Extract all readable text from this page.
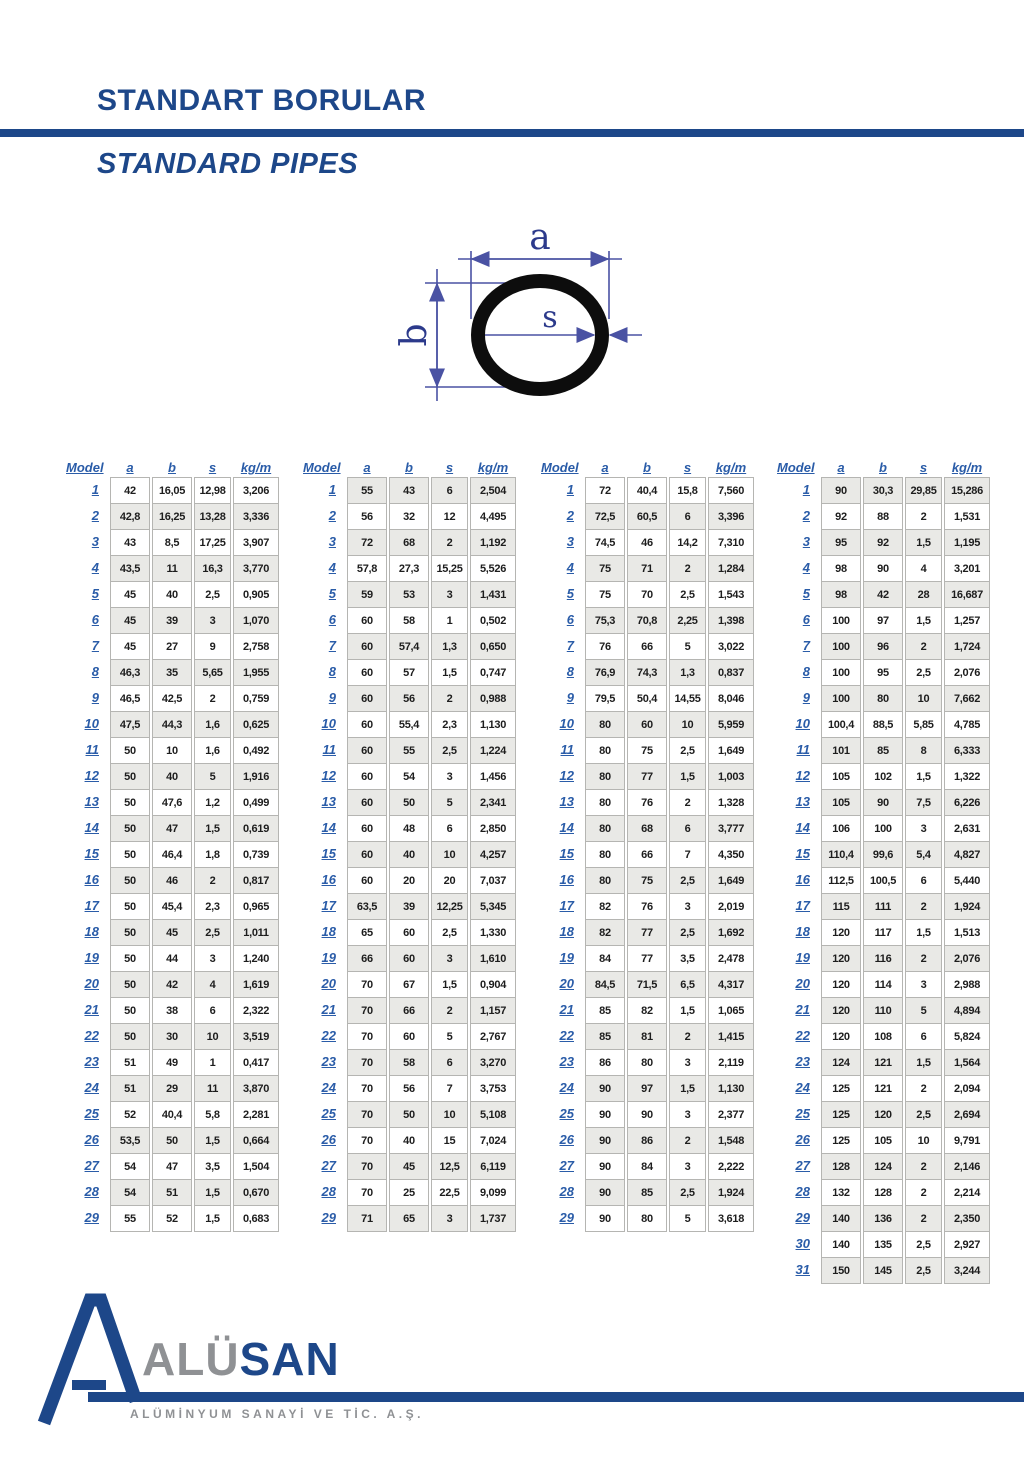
STANDART BORULAR
STANDARD PIPES
a
b	s
Model	a	b	s	kg/m
1	42	16,05	12,98	3,206
2	42,8	16,25	13,28	3,336
3	43	8,5	17,25	3,907
4	43,5	11	16,3	3,770
5	45	40	2,5	0,905
6	45	39	3	1,070
7	45	27	9	2,758
8	46,3	35	5,65	1,955
9	46,5	42,5	2	0,759
10	47,5	44,3	1,6	0,625
11	50	10	1,6	0,492
12	50	40	5	1,916
13	50	47,6	1,2	0,499
14	50	47	1,5	0,619
15	50	46,4	1,8	0,739
16	50	46	2	0,817
17	50	45,4	2,3	0,965
18	50	45	2,5	1,011
19	50	44	3	1,240
20	50	42	4	1,619
21	50	38	6	2,322
22	50	30	10	3,519
23	51	49	1	0,417
24	51	29	11	3,870
25	52	40,4	5,8	2,281
26	53,5	50	1,5	0,664
27	54	47	3,5	1,504
28	54	51	1,5	0,670
29	55	52	1,5	0,683
Model	a	b	s	kg/m
1	55	43	6	2,504
2	56	32	12	4,495
3	72	68	2	1,192
4	57,8	27,3	15,25	5,526
5	59	53	3	1,431
6	60	58	1	0,502
7	60	57,4	1,3	0,650
8	60	57	1,5	0,747
9	60	56	2	0,988
10	60	55,4	2,3	1,130
11	60	55	2,5	1,224
12	60	54	3	1,456
13	60	50	5	2,341
14	60	48	6	2,850
15	60	40	10	4,257
16	60	20	20	7,037
17	63,5	39	12,25	5,345
18	65	60	2,5	1,330
19	66	60	3	1,610
20	70	67	1,5	0,904
21	70	66	2	1,157
22	70	60	5	2,767
23	70	58	6	3,270
24	70	56	7	3,753
25	70	50	10	5,108
26	70	40	15	7,024
27	70	45	12,5	6,119
28	70	25	22,5	9,099
29	71	65	3	1,737
Model	a	b	s	kg/m
1	72	40,4	15,8	7,560
2	72,5	60,5	6	3,396
3	74,5	46	14,2	7,310
4	75	71	2	1,284
5	75	70	2,5	1,543
6	75,3	70,8	2,25	1,398
7	76	66	5	3,022
8	76,9	74,3	1,3	0,837
9	79,5	50,4	14,55	8,046
10	80	60	10	5,959
11	80	75	2,5	1,649
12	80	77	1,5	1,003
13	80	76	2	1,328
14	80	68	6	3,777
15	80	66	7	4,350
16	80	75	2,5	1,649
17	82	76	3	2,019
18	82	77	2,5	1,692
19	84	77	3,5	2,478
20	84,5	71,5	6,5	4,317
21	85	82	1,5	1,065
22	85	81	2	1,415
23	86	80	3	2,119
24	90	97	1,5	1,130
25	90	90	3	2,377
26	90	86	2	1,548
27	90	84	3	2,222
28	90	85	2,5	1,924
29	90	80	5	3,618
Model	a	b	s	kg/m
1	90	30,3	29,85	15,286
2	92	88	2	1,531
3	95	92	1,5	1,195
4	98	90	4	3,201
5	98	42	28	16,687
6	100	97	1,5	1,257
7	100	96	2	1,724
8	100	95	2,5	2,076
9	100	80	10	7,662
10	100,4	88,5	5,85	4,785
11	101	85	8	6,333
12	105	102	1,5	1,322
13	105	90	7,5	6,226
14	106	100	3	2,631
15	110,4	99,6	5,4	4,827
16	112,5	100,5	6	5,440
17	115	111	2	1,924
18	120	117	1,5	1,513
19	120	116	2	2,076
20	120	114	3	2,988
21	120	110	5	4,894
22	120	108	6	5,824
23	124	121	1,5	1,564
24	125	121	2	2,094
25	125	120	2,5	2,694
26	125	105	10	9,791
27	128	124	2	2,146
28	132	128	2	2,214
29	140	136	2	2,350
30	140	135	2,5	2,927
31	150	145	2,5	3,244
ALÜSAN
ALÜMİNYUM SANAYİ VE TİC. A.Ş.
